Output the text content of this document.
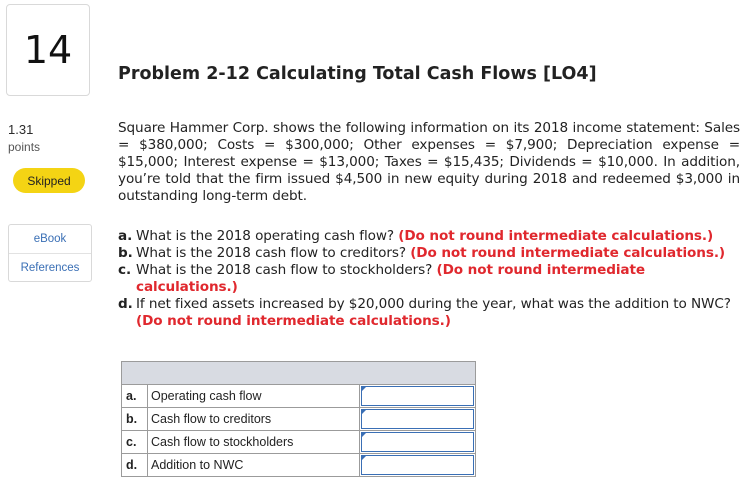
14
Problem 2-12 Calculating Total Cash Flows [LO4]
1.31
points
Skipped
eBook
References

Square Hammer Corp. shows the following information on its 2018 income statement: Sales = $380,000; Costs = $300,000; Other expenses = $7,900; Depreciation expense = $15,000; Interest expense = $13,000; Taxes = $15,435; Dividends = $10,000. In addition, you’re told that the firm issued $4,500 in new equity during 2018 and redeemed $3,000 in outstanding long-term debt.

a. What is the 2018 operating cash flow? (Do not round intermediate calculations.)
b. What is the 2018 cash flow to creditors? (Do not round intermediate calculations.)
c. What is the 2018 cash flow to stockholders? (Do not round intermediate calculations.)
d. If net fixed assets increased by $20,000 during the year, what was the addition to NWC? (Do not round intermediate calculations.)

a.	Operating cash flow	

b.	Cash flow to creditors	

c.	Cash flow to stockholders	

d.	Addition to NWC	
